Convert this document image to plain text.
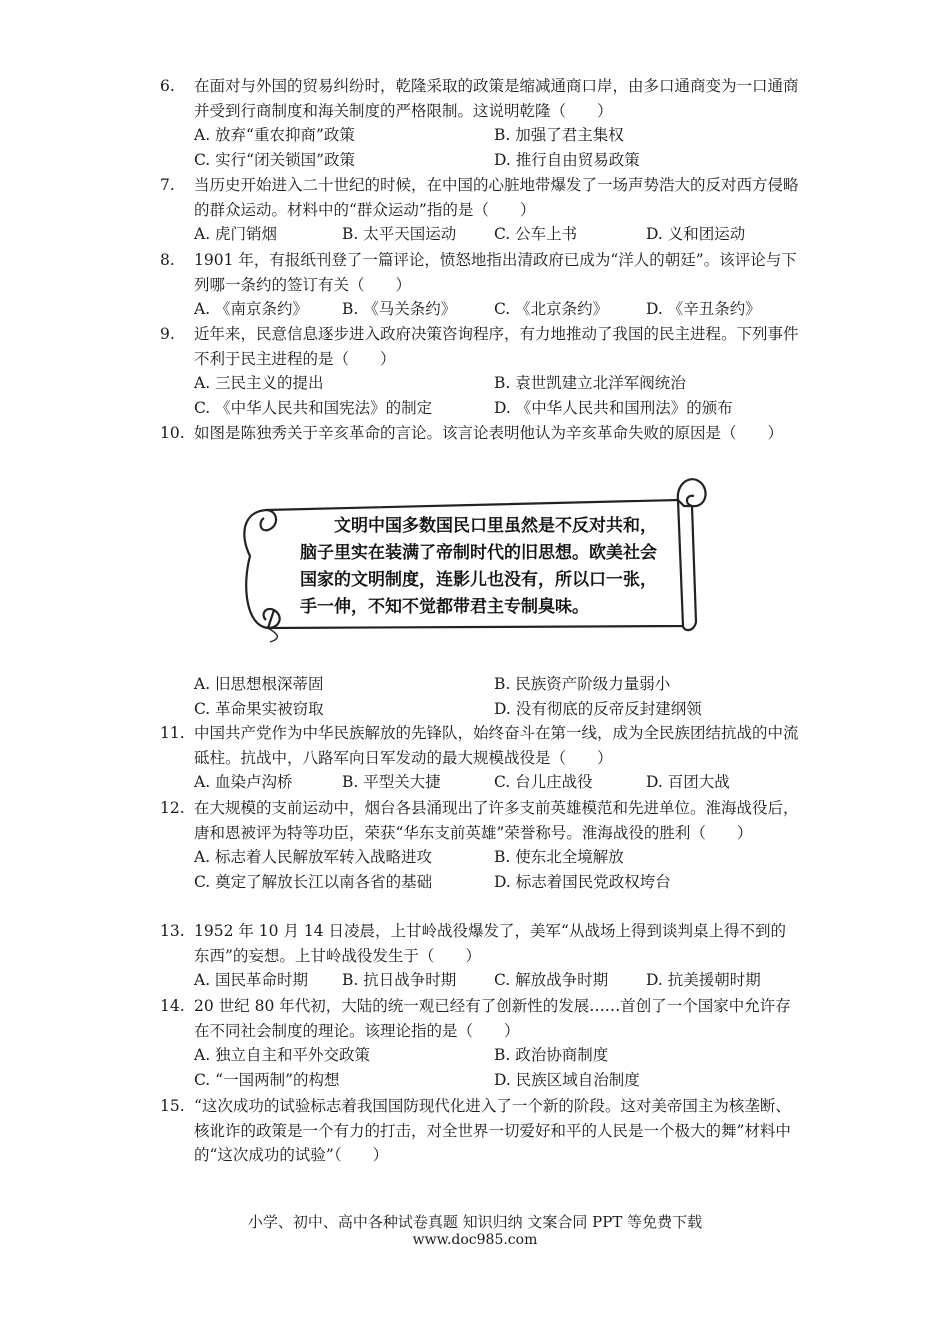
6.	在面对与外国的贸易纠纷时，乾隆采取的政策是缩减通商口岸，由多口通商变为一口通商并受到行商制度和海关制度的严格限制。这说明乾隆（　　）
A. 放弃“重农抑商”政策	B. 加强了君主集权
C. 实行“闭关锁国”政策	D. 推行自由贸易政策
7.	当历史开始进入二十世纪的时候，在中国的心脏地带爆发了一场声势浩大的反对西方侵略的群众运动。材料中的“群众运动”指的是（　　）
A. 虎门销烟	B. 太平天国运动 C. 公车上书	D. 义和团运动
8.	1901 年，有报纸刊登了一篇评论，愤怒地指出清政府已成为“洋人的朝廷”。该评论与下列哪一条约的签订有关（　　）
A. 《南京条约》 B. 《马关条约》 C. 《北京条约》 D. 《辛丑条约》
9.	近年来，民意信息逐步进入政府决策咨询程序，有力地推动了我国的民主进程。下列事件不利于民主进程的是（　　）
A. 三民主义的提出	B. 袁世凯建立北洋军阀统治
C. 《中华人民共和国宪法》的制定	D. 《中华人民共和国刑法》的颁布
10. 如图是陈独秀关于辛亥革命的言论。该言论表明他认为辛亥革命失败的原因是（　　）
文明中国多数国民口里虽然是不反对共和，
脑子里实在装满了帝制时代的旧思想。欧美社会
国家的文明制度，连影儿也没有，所以口一张，
手一伸，不知不觉都带君主专制臭味。
A. 旧思想根深蒂固	B. 民族资产阶级力量弱小
C. 革命果实被窃取	D. 没有彻底的反帝反封建纲领
11. 中国共产党作为中华民族解放的先锋队，始终奋斗在第一线，成为全民族团结抗战的中流砥柱。抗战中，八路军向日军发动的最大规模战役是（　　）
A. 血染卢沟桥	B. 平型关大捷	C. 台儿庄战役	D. 百团大战
12. 在大规模的支前运动中，烟台各县涌现出了许多支前英雄模范和先进单位。淮海战役后，唐和恩被评为特等功臣，荣获“华东支前英雄”荣誉称号。淮海战役的胜利（　　）
A. 标志着人民解放军转入战略进攻	B. 使东北全境解放
C. 奠定了解放长江以南各省的基础	D. 标志着国民党政权垮台
13. 1952 年 10 月 14 日凌晨，上甘岭战役爆发了，美军“从战场上得到谈判桌上得不到的东西”的妄想。上甘岭战役发生于（　　）
A. 国民革命时期 B. 抗日战争时期 C. 解放战争时期 D. 抗美援朝时期
14. 20 世纪 80 年代初，大陆的统一观已经有了创新性的发展……首创了一个国家中允许存在不同社会制度的理论。该理论指的是（　　）
A. 独立自主和平外交政策	B. 政治协商制度
C. “一国两制”的构想	D. 民族区域自治制度
15. “这次成功的试验标志着我国国防现代化进入了一个新的阶段。这对美帝国主为核垄断、核讹诈的政策是一个有力的打击，对全世界一切爱好和平的人民是一个极大的舞”材料中的“这次成功的试验”（　　）
小学、初中、高中各种试卷真题 知识归纳 文案合同 PPT 等免费下载
www.doc985.com
